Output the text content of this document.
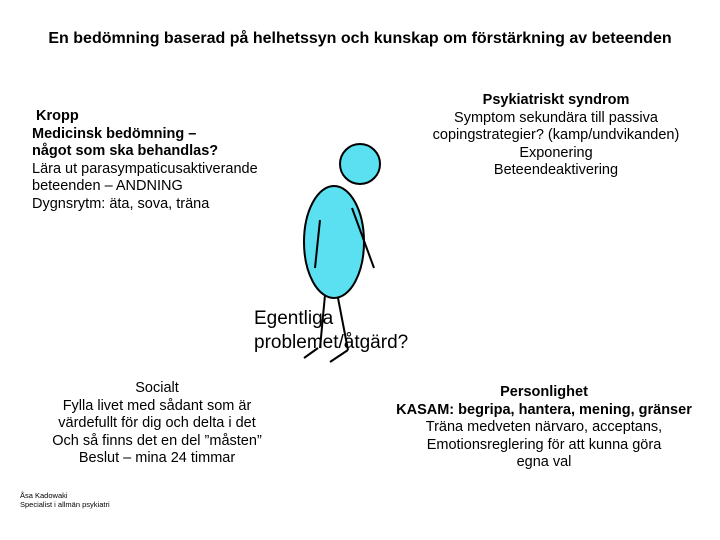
En bedömning baserad på helhetssyn och kunskap om förstärkning av beteenden
Kropp
Medicinsk bedömning –
något som ska behandlas?
Lära ut parasympaticusaktiverande
beteenden – ANDNING
Dygnsrytm: äta, sova, träna
Psykiatriskt syndrom
Symptom sekundära till passiva
copingstrategier? (kamp/undvikanden)
Exponering
Beteendeaktivering
Egentliga
problemet/åtgärd?
Socialt
Fylla livet med sådant som är
värdefullt för dig och delta i det
Och så finns det en del ”måsten”
Beslut – mina 24 timmar
Personlighet
KASAM: begripa, hantera, mening, gränser
Träna medveten närvaro, acceptans,
Emotionsreglering för att kunna göra
egna val
Åsa Kadowaki
Specialist i allmän psykiatri
